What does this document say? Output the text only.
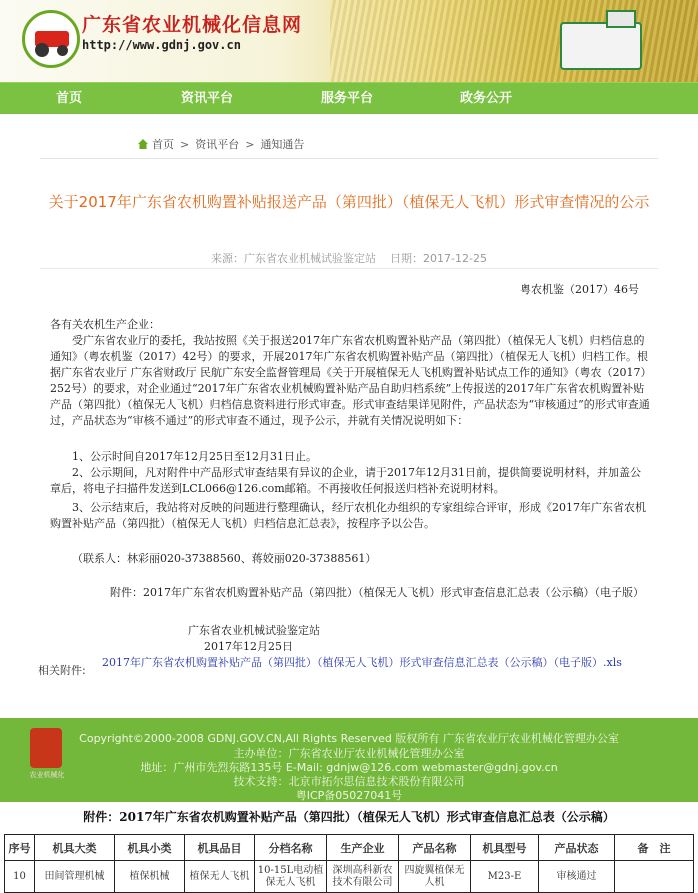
广东省农业机械化信息网
http://www.gdnj.gov.cn
首页	资讯平台	服务平台	政务公开
首页 > 资讯平台 > 通知通告
关于2017年广东省农机购置补贴报送产品（第四批）（植保无人飞机）形式审查情况的公示
来源：广东省农业机械试验鉴定站 日期：2017-12-25
粤农机鉴（2017）46号
各有关农机生产企业：
受广东省农业厅的委托，我站按照《关于报送2017年广东省农机购置补贴产品（第四批）（植保无人飞机）归档信息的通知》（粤农机鉴（2017）42号）的要求，开展2017年广东省农机购置补贴产品（第四批）（植保无人飞机）归档工作。根据广东省农业厅 广东省财政厅 民航广东安全监督管理局《关于开展植保无人飞机购置补贴试点工作的通知》（粤农（2017）252号）的要求，对企业通过“2017年广东省农业机械购置补贴产品自助归档系统”上传报送的2017年广东省农机购置补贴产品（第四批）（植保无人飞机）归档信息资料进行形式审查。形式审查结果详见附件，产品状态为“审核通过”的形式审查通过，产品状态为“审核不通过”的形式审查不通过，现予公示，并就有关情况说明如下：
1、公示时间自2017年12月25日至12月31日止。
2、公示期间，凡对附件中产品形式审查结果有异议的企业，请于2017年12月31日前，提供简要说明材料，并加盖公章后，将电子扫描件发送到LCL066@126.com邮箱。不再接收任何报送归档补充说明材料。
3、公示结束后，我站将对反映的问题进行整理确认，经厅农机化办组织的专家组综合评审，形成《2017年广东省农机购置补贴产品（第四批）（植保无人飞机）归档信息汇总表》，按程序予以公告。
（联系人：林彩丽020-37388560、蒋姣丽020-37388561）
附件：2017年广东省农机购置补贴产品（第四批）（植保无人飞机）形式审查信息汇总表（公示稿）（电子版）
广东省农业机械试验鉴定站
2017年12月25日
相关附件:
2017年广东省农机购置补贴产品（第四批）（植保无人飞机）形式审查信息汇总表（公示稿）（电子版）.xls
农业机械化
Copyright©2000-2008 GDNJ.GOV.CN,All Rights Reserved 版权所有 广东省农业厅农业机械化管理办公室
主办单位：广东省农业厅农业机械化管理办公室
地址：广州市先烈东路135号 E-Mail: gdnjw@126.com webmaster@gdnj.gov.cn
技术支持：北京市拓尔思信息技术股份有限公司
粤ICP备05027041号
附件：2017年广东省农机购置补贴产品（第四批）（植保无人飞机）形式审查信息汇总表（公示稿）
序号	机具大类	机具小类	机具品目	分档名称	生产企业	产品名称	机具型号	产品状态	备　注
10	田间管理机械	植保机械	植保无人飞机	10-15L电动植保无人飞机	深圳高科新农技术有限公司	四旋翼植保无人机	M23-E	审核通过	
